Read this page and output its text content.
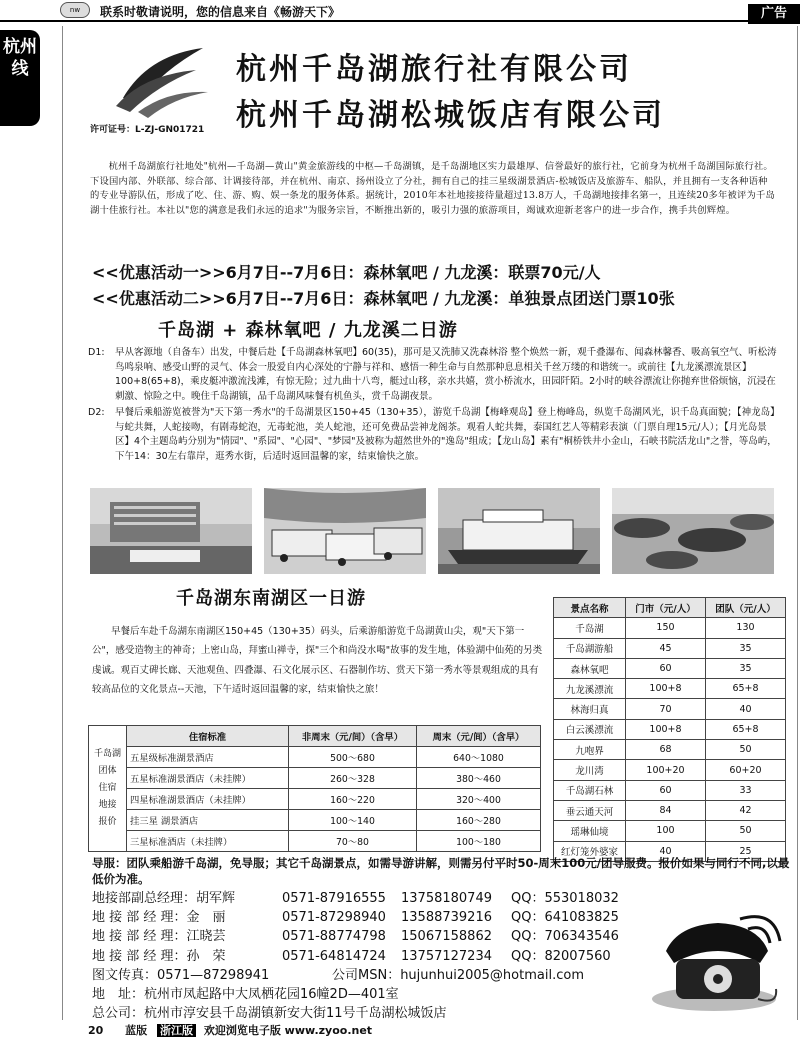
nw	联系时敬请说明，您的信息来自《畅游天下》	广告
杭州线
许可证号：L-ZJ-GN01721
杭州千岛湖旅行社有限公司
杭州千岛湖松城饭店有限公司
杭州千岛湖旅行社地处"杭州—千岛湖—黄山"黄金旅游线的中枢—千岛湖镇，是千岛湖地区实力最雄厚、信誉最好的旅行社，它前身为杭州千岛湖国际旅行社。下设国内部、外联部、综合部、计调接待部，并在杭州、南京、扬州设立了分社，拥有自己的挂三星级湖景酒店-松城饭店及旅游车、船队，并且拥有一支各种语种的专业导游队伍，形成了吃、住、游、购、娱一条龙的服务体系。据统计，2010年本社地接接待量超过13.8万人，千岛湖地接排名第一，且连续20多年被评为千岛湖十佳旅行社。本社以"您的满意是我们永远的追求"为服务宗旨，不断推出新的，吸引力强的旅游项目，竭诚欢迎新老客户的进一步合作，携手共创辉煌。
<<优惠活动一>>6月7日--7月6日：森林氧吧 / 九龙溪：联票70元/人
<<优惠活动二>>6月7日--7月6日：森林氧吧 / 九龙溪：单独景点团送门票10张
千岛湖 + 森林氧吧 / 九龙溪二日游
D1: 早从客源地（自备车）出发，中餐后赴【千岛湖森林氧吧】60(35)，那可是又洗肺又洗森林浴 整个焕然一新，观千叠瀑布、闻森林馨香、吸高氧空气、听松涛鸟鸣泉响、感受山野的灵气、体会一股爱自内心深处的宁静与祥和、感悟一种生命与自然那种息息相关千丝万缕的和谐统一。或前往【九龙溪漂流景区】100+8(65+8)，乘皮艇冲激流浅滩，有惊无险；过九曲十八弯，艇过山移，亲水共嬉，赏小桥流水，田园阡陌。2小时的峡谷漂流让你抛弃世俗烦恼，沉浸在刺激、惊险之中。晚住千岛湖镇，品千岛湖风味餐有机鱼头，赏千岛湖夜景。
D2: 早餐后乘船游览被誉为"天下第一秀水"的千岛湖景区150+45（130+35），游览千岛湖【梅峰观岛】登上梅峰岛，纵览千岛湖风光，识千岛真面貌；【神龙岛】与蛇共舞，人蛇接吻，有剧毒蛇泡，无毒蛇池，美人蛇池，还可免费品尝神龙阁茶。观看人蛇共舞，泰国红艺人等精彩表演（门票自理15元/人）；【月光岛景区】4个主题岛屿分别为"情园"、"系园"、"心园"、"梦园"及被称为超然世外的"逸岛"组成；【龙山岛】素有"桐桥铁井小金山，石峡书院活龙山"之誉，等岛屿，下午14：30左右靠岸，逛秀水街，后适时返回温馨的家，结束愉快之旅。
千岛湖东南湖区一日游
早餐后车赴千岛湖东南湖区150+45（130+35）码头，后乘游船游览千岛湖黄山尖，观"天下第一公"，感受造物主的神奇；上密山岛，拜蜜山禅寺，探"三个和尚没水喝"故事的发生地，体验湖中仙苑的另类虔诚。观百丈碑长廊、天池观鱼、四叠瀑、石文化展示区、石器制作坊、赏天下第一秀水等景观组成的具有较高品位的文化景点--天池，下午适时返回温馨的家，结束愉快之旅！
千岛湖
团体
住宿
地接
报价	住宿标准	非周末（元/间）（含早）	周末（元/间）（含早）
	五星级标准湖景酒店	500～680	640～1080
	五星标准湖景酒店（未挂牌）	260～328	380～460
	四星标准湖景酒店（未挂牌）	160～220	320～400
	挂三星 湖景酒店	100～140	160～280
	三星标准酒店（未挂牌）	70～80	100～180
景点名称	门市（元/人）	团队（元/人）
千岛湖	150	130
千岛湖游船	45	35
森林氧吧	60	35
九龙溪漂流	100+8	65+8
林海归真	70	40
白云溪漂流	100+8	65+8
九咆界	68	50
龙川湾	100+20	60+20
千岛湖石林	60	33
垂云通天河	84	42
瑶琳仙境	100	50
红灯笼外婆家	40	25
导服：团队乘船游千岛湖，免导服；其它千岛湖景点，如需导游讲解，则需另付平时50-周末100元/团导服费。报价如果与同行不同,以最低价为准。
地接部副总经理：胡军辉	0571-87916555	13758180749	QQ：553018032
地 接 部 经 理：金　丽	0571-87298940	13588739216	QQ：641083825
地 接 部 经 理：江晓芸	0571-88774798	15067158862	QQ：706343546
地 接 部 经 理：孙　荣	0571-64814724	13757127234	QQ：82007560
图文传真：0571—87298941	公司MSN：hujunhui2005@hotmail.com
地　址：杭州市凤起路中大凤栖花园16幢2D—401室
总公司：杭州市淳安县千岛湖镇新安大街11号千岛湖松城饭店
20 蓝版 浙江版 欢迎浏览电子版 www.zyoo.net
